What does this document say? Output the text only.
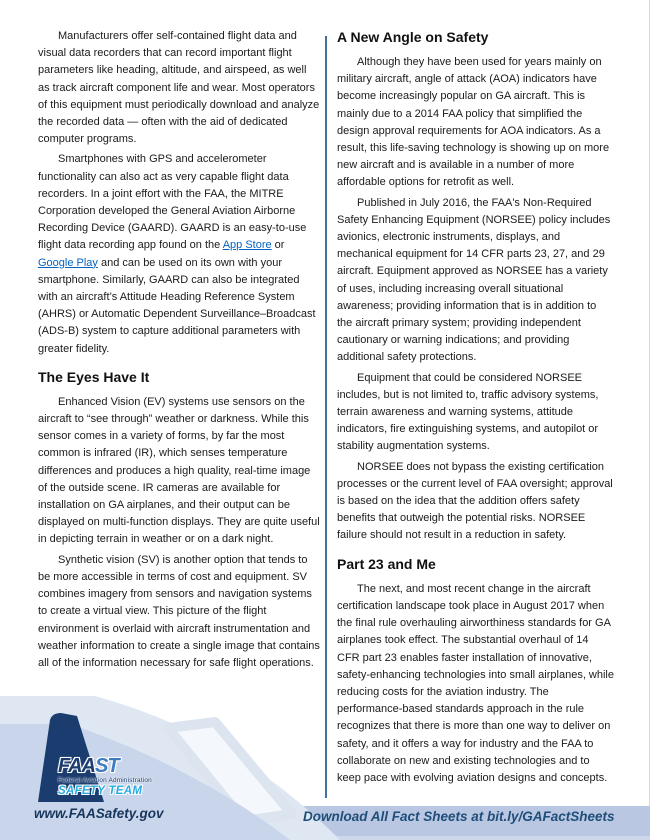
Manufacturers offer self-contained flight data and visual data recorders that can record important flight parameters like heading, altitude, and airspeed, as well as track aircraft component life and wear. Most operators of this equipment must periodically download and analyze the recorded data — often with the aid of dedicated computer programs.

Smartphones with GPS and accelerometer functionality can also act as very capable flight data recorders. In a joint effort with the FAA, the MITRE Corporation developed the General Aviation Airborne Recording Device (GAARD). GAARD is an easy-to-use flight data recording app found on the App Store or Google Play and can be used on its own with your smartphone. Similarly, GAARD can also be integrated with an aircraft’s Attitude Heading Reference System (AHRS) or Automatic Dependent Surveillance–Broadcast (ADS-B) system to capture additional parameters with greater fidelity.

The Eyes Have It

Enhanced Vision (EV) systems use sensors on the aircraft to “see through” weather or darkness. While this sensor comes in a variety of forms, by far the most common is infrared (IR), which senses temperature differences and produces a high quality, real-time image of the outside scene. IR cameras are available for installation on GA airplanes, and their output can be displayed on multi-function displays. They are quite useful in depicting terrain in weather or on a dark night.

Synthetic vision (SV) is another option that tends to be more accessible in terms of cost and equipment. SV combines imagery from sensors and navigation systems to create a virtual view. This picture of the flight environment is overlaid with aircraft instrumentation and weather information to create a single image that contains all of the information necessary for safe flight operations.

A New Angle on Safety

Although they have been used for years mainly on military aircraft, angle of attack (AOA) indicators have become increasingly popular on GA aircraft. This is mainly due to a 2014 FAA policy that simplified the design approval requirements for AOA indicators. As a result, this life-saving technology is showing up on more new aircraft and is available in a number of more affordable options for retrofit as well.

Published in July 2016, the FAA's Non-Required Safety Enhancing Equipment (NORSEE) policy includes avionics, electronic instruments, displays, and mechanical equipment for 14 CFR parts 23, 27, and 29 aircraft. Equipment approved as NORSEE has a variety of uses, including increasing overall situational awareness; providing information that is in addition to the aircraft primary system; providing independent cautionary or warning indications; and providing additional safety protections.

Equipment that could be considered NORSEE includes, but is not limited to, traffic advisory systems, terrain awareness and warning systems, attitude indicators, fire extinguishing systems, and autopilot or stability augmentation systems.

NORSEE does not bypass the existing certification processes or the current level of FAA oversight; approval is based on the idea that the addition offers safety benefits that outweigh the potential risks. NORSEE failure should not result in a reduction in safety.

Part 23 and Me

The next, and most recent change in the aircraft certification landscape took place in August 2017 when the final rule overhauling airworthiness standards for GA airplanes took effect. The substantial overhaul of 14 CFR part 23 enables faster installation of innovative, safety-enhancing technologies into small airplanes, while reducing costs for the aviation industry. The performance-based standards approach in the rule recognizes that there is more than one way to deliver on safety, and it offers a way for industry and the FAA to collaborate on new and existing technologies and to keep pace with evolving aviation designs and concepts.

FAAST
Federal Aviation Administration
SAFETY TEAM
www.FAASafety.gov	Download All Fact Sheets at bit.ly/GAFactSheets
